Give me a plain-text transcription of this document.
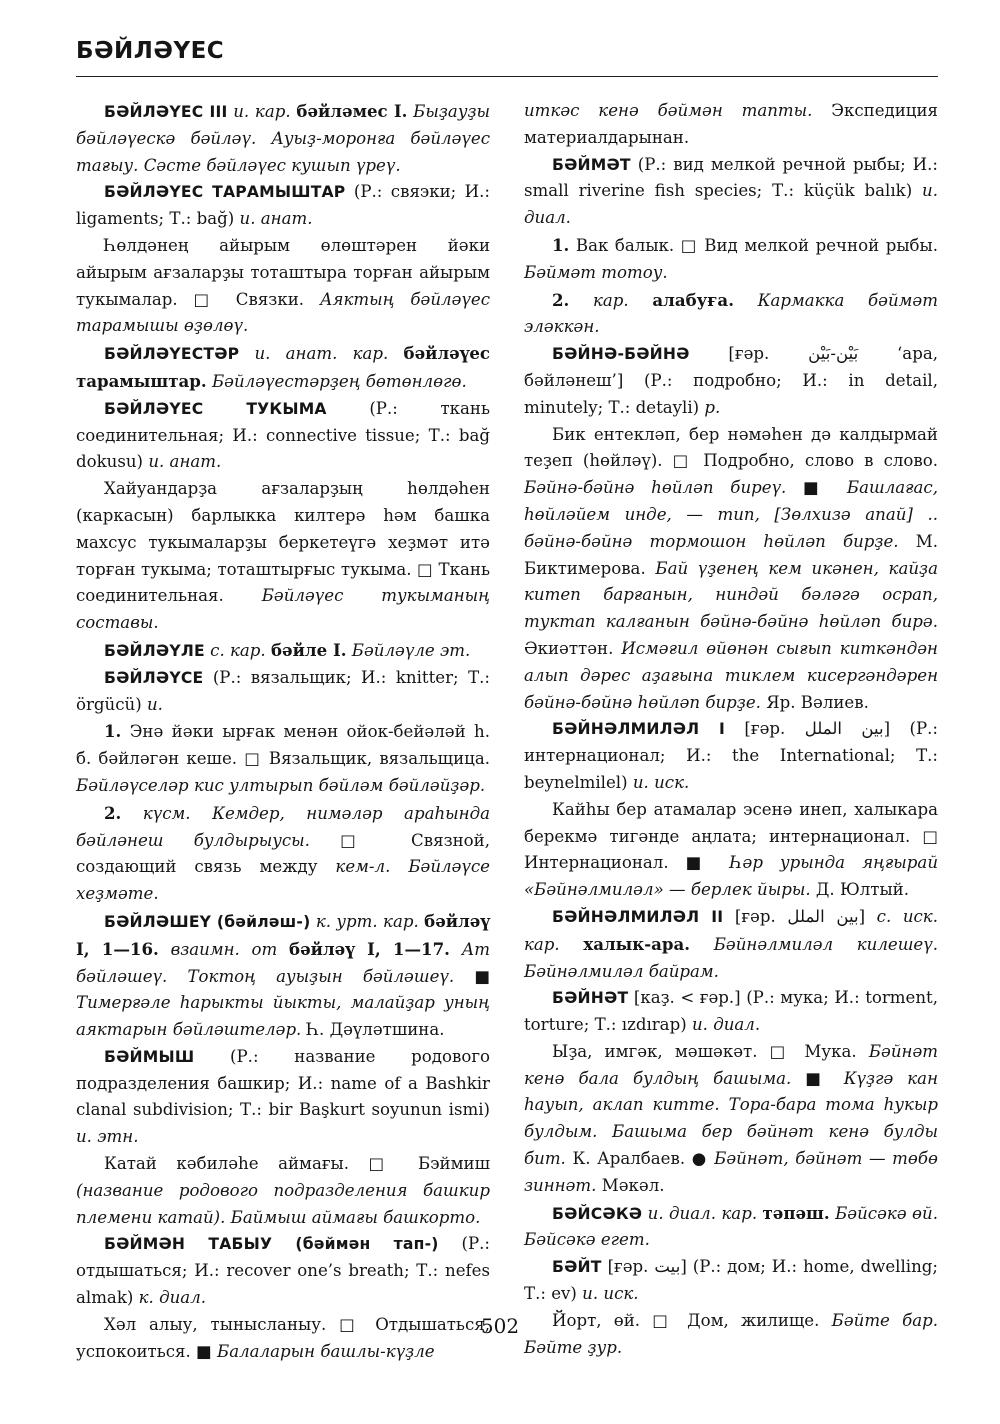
БӘЙЛӘҮЕС

БӘЙЛӘҮЕС III и. кар. бәйләмес I. Быҙауҙы бәйләүескә бәйләү. Ауыҙ-моронға бәйләүес тағыу. Сәсте бәйләүес кушып үреү.

БӘЙЛӘҮЕС ТАРАМЫШТАР (Р.: свяэки; И.: ligaments; Т.: bağ) и. анат.

Һөлдәнең айырым өлөштәрен йәки айырым ағзаларҙы тоташтыра торған айырым тукымалар. □ Связки. Аяктың бәйләүес тарамышы өҙөлөү.

БӘЙЛӘҮЕСТӘР и. анат. кар. бәйләүес тарамыштар. Бәйләүестәрҙең бөтөнлөгө.

БӘЙЛӘҮЕС ТУКЫМА (Р.: ткань соединительная; И.: connective tissue; Т.: bağ dokusu) и. анат.

Хайуандарҙа ағзаларҙың һөлдәһен (каркасын) барлыкка килтерә һәм башка махсус тукымаларҙы беркетеүгә хеҙмәт итә торған тукыма; тоташтырғыс тукыма. □ Ткань соединительная. Бәйләүес тукыманың составы.

БӘЙЛӘҮЛЕ с. кар. бәйле I. Бәйләүле эт.

БӘЙЛӘҮСЕ (Р.: вязальщик; И.: knitter; Т.: örgücü) и.

1. Энә йәки ырғак менән ойок-бейәләй һ. б. бәйләгән кеше. □ Вязальщик, вязальщица. Бәйләүселәр кис ултырып бәйләм бәйләйҙәр.

2. күсм. Кемдер, нимәләр араһында бәйләнеш булдырыусы. □ Связной, создающий связь между кем-л. Бәйләүсе хеҙмәте.

БӘЙЛӘШЕҮ (бәйләш-) к. урт. кар. бәйләү I, 1—16. взаимн. от бәйләү I, 1—17. Ат бәйләшеү. Токтоң ауыҙын бәйләшеү. ■ Тимерғәле һарыкты йыкты, малайҙар уның аяктарын бәйләштеләр. Һ. Дәүләтшина.

БӘЙМЫШ (Р.: название родового подразделения башкир; И.: name of a Bashkir clanal subdivision; Т.: bir Başkurt soyunun ismi) и. этн.

Катай кәбиләһе аймағы. □ Бэймиш (название родового подразделения башкир племени катай). Баймыш аймағы башкорто.

БӘЙМӘН ТАБЫУ (бәймән тап-) (Р.: отдышаться; И.: recover one’s breath; Т.: nefes almak) к. диал.

Хәл алыу, тынысланыу. □ Отдышаться, успокоиться. ■ Балаларын башлы-күҙле

иткәс кенә бәймән тапты. Экспедиция материалдарынан.

БӘЙМӘТ (Р.: вид мелкой речной рыбы; И.: small riverine fish species; Т.: küçük balık) и. диал.

1. Вак балык. □ Вид мелкой речной рыбы. Бәймәт тотоу.

2. кар. алабуға. Кармакка бәймәт эләккән.

БӘЙНӘ-БӘЙНӘ [ғәр. بَيْن-بَيْن ‘ара, бәйләнеш’] (Р.: подробно; И.: in detail, minutely; Т.: detayli) р.

Бик ентекләп, бер нәмәһен дә калдырмай теҙеп (һөйләү). □ Подробно, слово в слово. Бәйнә-бәйнә һөйләп биреү. ■ Башлағас, һөйләйем инде, — тип, [Зөлхизә апай] .. бәйнә-бәйнә тормошон һөйләп бирҙе. М. Биктимерова. Бай үҙенең кем икәнен, кайҙа китеп барғанын, ниндәй бәләгә осрап, туктап калғанын бәйнә-бәйнә һөйләп бирә. Әкиәттән. Исмәғил өйөнән сығып киткәндән алып дәрес аҙағына тиклем кисергәндәрен бәйнә-бәйнә һөйләп бирҙе. Яр. Вәлиев.

БӘЙНӘЛМИЛӘЛ I [ғәр. بين الملل] (Р.: интернационал; И.: the International; Т.: beynelmilel) и. иск.

Кайһы бер атамалар эсенә инеп, халыкара берекмә тигәнде аңлата; интернационал. □ Интернационал. ■ Һәр урында яңғырай «Бәйнәлмиләл» — берлек йыры. Д. Юлтый.

БӘЙНӘЛМИЛӘЛ II [ғәр. بين الملل] с. иск. кар. халык-ара. Бәйнәлмиләл килешеү. Бәйнәлмиләл байрам.

БӘЙНӘТ [каҙ. < ғәр.] (Р.: мука; И.: torment, torture; Т.: ızdırap) и. диал.

Ыҙа, имгәк, мәшәкәт. □ Мука. Бәйнәт кенә бала булдың башыма. ■ Күҙгә кан һауып, аклап китте. Тора-бара тома һукыр булдым. Башыма бер бәйнәт кенә булды бит. К. Аралбаев. ● Бәйнәт, бәйнәт — төбө зиннәт. Мәкәл.

БӘЙСӘКӘ и. диал. кар. тәпәш. Бәйсәкә өй. Бәйсәкә егет.

БӘЙТ [ғәр. بيت] (Р.: дом; И.: home, dwelling; Т.: ev) и. иск.

Йорт, өй. □ Дом, жилище. Бәйте бар. Бәйте ҙур.

502
